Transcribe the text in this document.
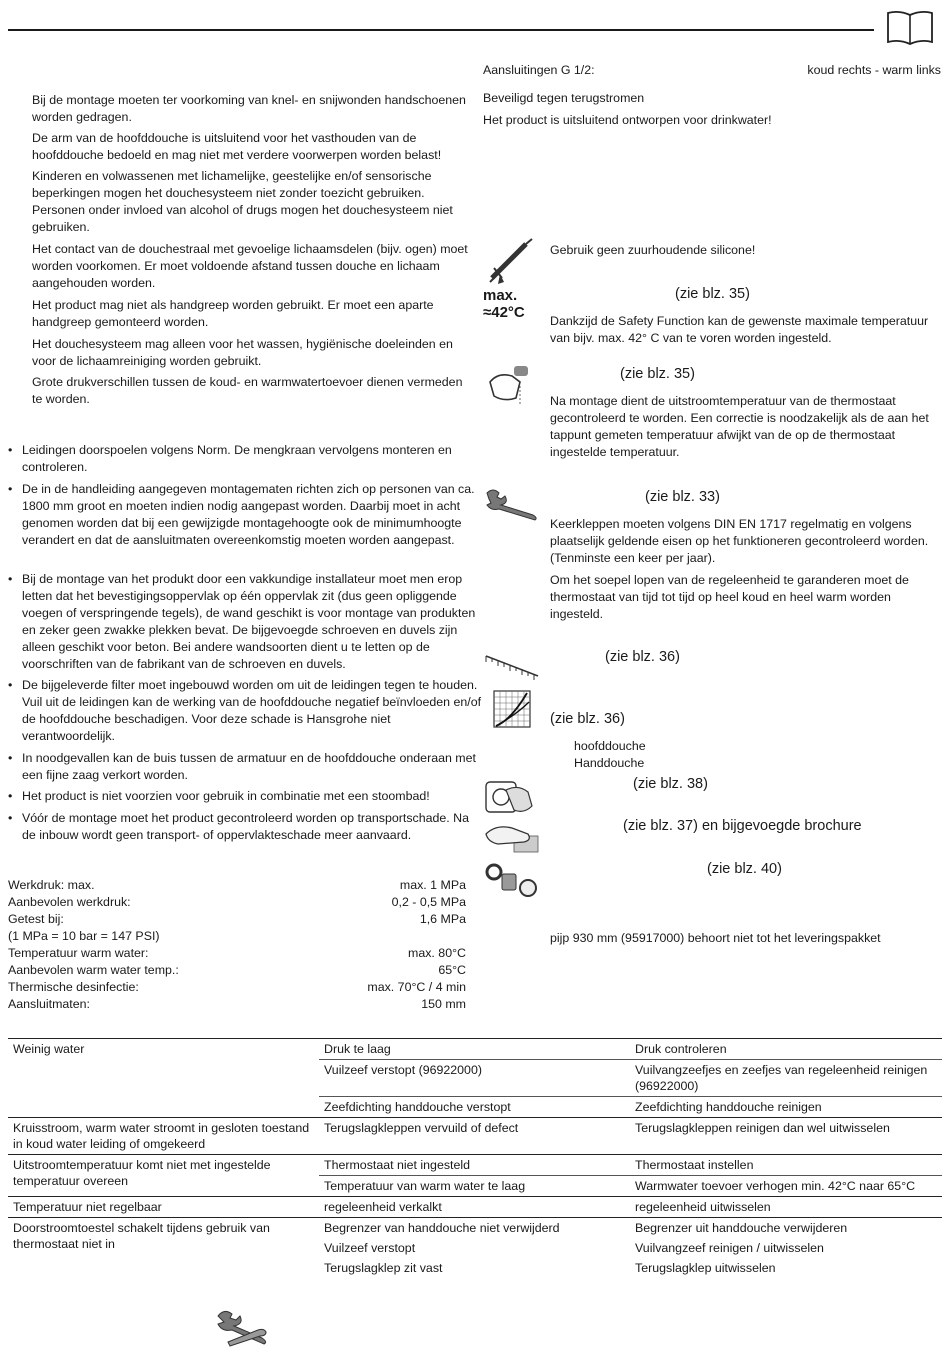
Bij de montage moeten ter voorkoming van knel- en snijwonden handschoenen worden gedragen.
De arm van de hoofddouche is uitsluitend voor het vasthouden van de hoofddouche bedoeld en mag niet met verdere voorwerpen worden belast!
Kinderen en volwassenen met lichamelijke, geestelijke en/of sensorische beperkingen mogen het douchesysteem niet zonder toezicht gebruiken. Personen onder invloed van alcohol of drugs mogen het douchesysteem niet gebruiken.
Het contact van de douchestraal met gevoelige lichaamsdelen (bijv. ogen) moet worden voorkomen. Er moet voldoende afstand tussen douche en lichaam aangehouden worden.
Het product mag niet als handgreep worden gebruikt. Er moet een aparte handgreep gemonteerd worden.
Het douchesysteem mag alleen voor het wassen, hygiënische doeleinden en voor de lichaamreiniging worden gebruikt.
Grote drukverschillen tussen de koud- en warmwatertoevoer dienen vermeden te worden.
• Leidingen doorspoelen volgens Norm. De mengkraan vervolgens monteren en controleren.
• De in de handleiding aangegeven montagematen richten zich op personen van ca. 1800 mm groot en moeten indien nodig aangepast worden. Daarbij moet in acht genomen worden dat bij een gewijzigde montagehoogte ook de minimumhoogte verandert en dat de aansluitmaten overeenkomstig moeten worden aangepast.
• Bij de montage van het produkt door een vakkundige installateur moet men erop letten dat het bevestigingsoppervlak op één oppervlak zit (dus geen opliggende voegen of verspringende tegels), de wand geschikt is voor montage van produkten en zeker geen zwakke plekken bevat. De bijgevoegde schroeven en duvels zijn alleen geschikt voor beton. Bei andere wandsoorten dient u te letten op de voorschriften van de fabrikant van de schroeven en duvels.
• De bijgeleverde filter moet ingebouwd worden om uit de leidingen tegen te houden. Vuil uit de leidingen kan de werking van de hoofddouche negatief beïnvloeden en/of de hoofddouche beschadigen. Voor deze schade is Hansgrohe niet verantwoordelijk.
• In noodgevallen kan de buis tussen de armatuur en de hoofddouche onderaan met een fijne zaag verkort worden.
• Het product is niet voorzien voor gebruik in combinatie met een stoombad!
• Vóór de montage moet het product gecontroleerd worden op transportschade. Na de inbouw wordt geen transport- of oppervlakteschade meer aanvaard.
Werkdruk: max.	max. 1 MPa
Aanbevolen werkdruk:	0,2 - 0,5 MPa
Getest bij:	1,6 MPa
(1 MPa = 10 bar = 147 PSI)
Temperatuur warm water:	max. 80°C
Aanbevolen warm water temp.:	65°C
Thermische desinfectie:	max. 70°C / 4 min
Aansluitmaten:	150 mm
Aansluitingen G 1/2:	koud rechts - warm links
Beveiligd tegen terugstromen
Het product is uitsluitend ontworpen voor drinkwater!
Gebruik geen zuurhoudende silicone!
max.
≈42°C
(zie blz. 35)
Dankzijd de Safety Function kan de gewenste maximale temperatuur van bijv. max. 42° C van te voren worden ingesteld.
(zie blz. 35)
Na montage dient de uitstroomtemperatuur van de thermostaat gecontroleerd te worden. Een correctie is noodzakelijk als de aan het tappunt gemeten temperatuur afwijkt van de op de thermostaat ingestelde temperatuur.
(zie blz. 33)
Keerkleppen moeten volgens DIN EN 1717 regelmatig en volgens plaatselijk geldende eisen op het funktioneren gecontroleerd worden. (Tenminste een keer per jaar).
Om het soepel lopen van de regeleenheid te garanderen moet de thermostaat van tijd tot tijd op heel koud en heel warm worden ingesteld.
(zie blz. 36)
(zie blz. 36)
hoofddouche
Handdouche
(zie blz. 38)
(zie blz. 37) en bijgevoegde brochure
(zie blz. 40)
pijp 930 mm (95917000) behoort niet tot het leveringspakket
Weinig water	Druk te laag	Druk controleren
	Vuilzeef verstopt (96922000)	Vuilvangzeefjes en zeefjes van regeleenheid reinigen (96922000)
	Zeefdichting handdouche verstopt	Zeefdichting handdouche reinigen
Kruisstroom, warm water stroomt in gesloten toestand in koud water leiding of omgekeerd	Terugslagkleppen vervuild of defect	Terugslagkleppen reinigen dan wel uitwisselen
Uitstroomtemperatuur komt niet met ingestelde temperatuur overeen	Thermostaat niet ingesteld	Thermostaat instellen
	Temperatuur van warm water te laag	Warmwater toevoer verhogen min. 42°C naar 65°C
Temperatuur niet regelbaar	regeleenheid verkalkt	regeleenheid uitwisselen
Doorstroomtoestel schakelt tijdens gebruik van thermostaat niet in	Begrenzer van handdouche niet verwijderd	Begrenzer uit handdouche verwijderen
	Vuilzeef verstopt	Vuilvangzeef reinigen / uitwisselen
	Terugslagklep zit vast	Terugslagklep uitwisselen
